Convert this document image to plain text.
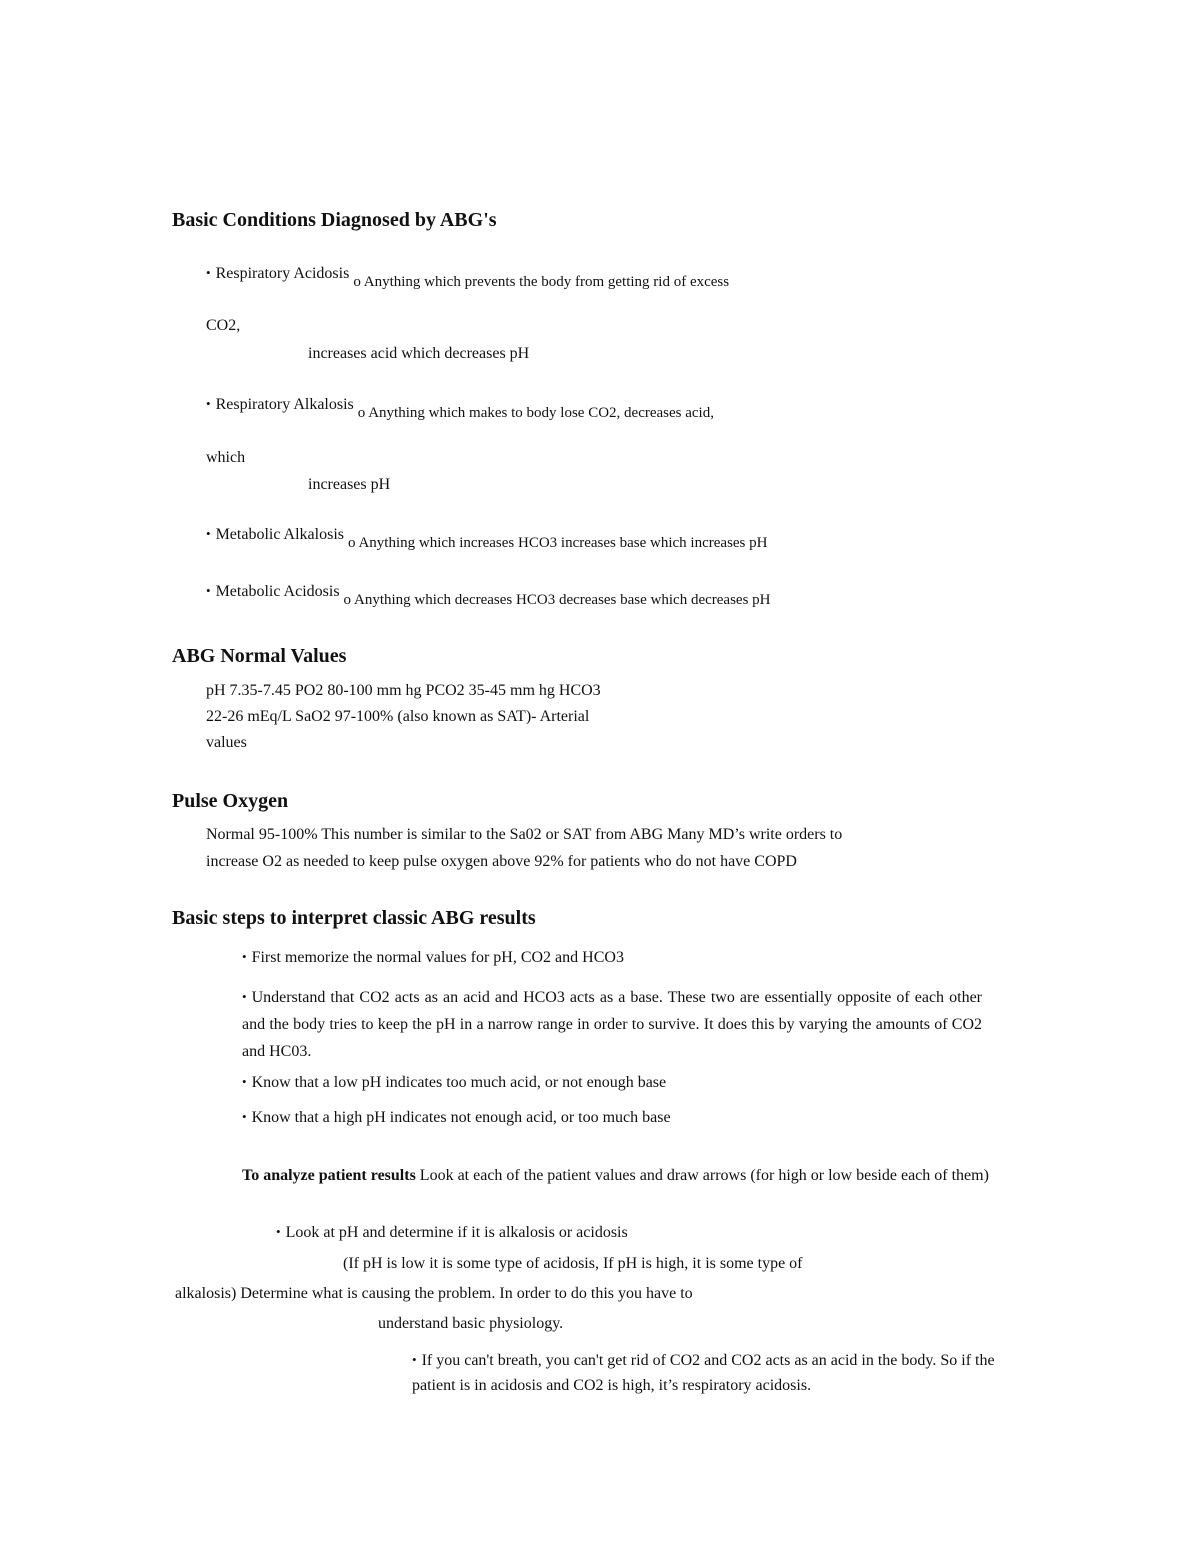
Basic Conditions Diagnosed by ABG's
• Respiratory Acidosis o Anything which prevents the body from getting rid of excess
CO2,
increases acid which decreases pH
• Respiratory Alkalosis o Anything which makes to body lose CO2, decreases acid,
which
increases pH
• Metabolic Alkalosis o Anything which increases HCO3 increases base which increases pH
• Metabolic Acidosis o Anything which decreases HCO3 decreases base which decreases pH
ABG Normal Values
pH 7.35-7.45 PO2 80-100 mm hg PCO2 35-45 mm hg HCO3
22-26 mEq/L SaO2 97-100% (also known as SAT)- Arterial
values
Pulse Oxygen
Normal 95-100% This number is similar to the Sa02 or SAT from ABG Many MD’s write orders to
increase O2 as needed to keep pulse oxygen above 92% for patients who do not have COPD
Basic steps to interpret classic ABG results
• First memorize the normal values for pH, CO2 and HCO3
• Understand that CO2 acts as an acid and HCO3 acts as a base. These two are essentially opposite of each other and the body tries to keep the pH in a narrow range in order to survive. It does this by varying the amounts of CO2 and HC03.
• Know that a low pH indicates too much acid, or not enough base
• Know that a high pH indicates not enough acid, or too much base
To analyze patient results Look at each of the patient values and draw arrows (for high or low beside each of them)
• Look at pH and determine if it is alkalosis or acidosis
(If pH is low it is some type of acidosis, If pH is high, it is some type of
alkalosis) Determine what is causing the problem. In order to do this you have to
understand basic physiology.
• If you can't breath, you can't get rid of CO2 and CO2 acts as an acid in the body. So if the patient is in acidosis and CO2 is high, it’s respiratory acidosis.
